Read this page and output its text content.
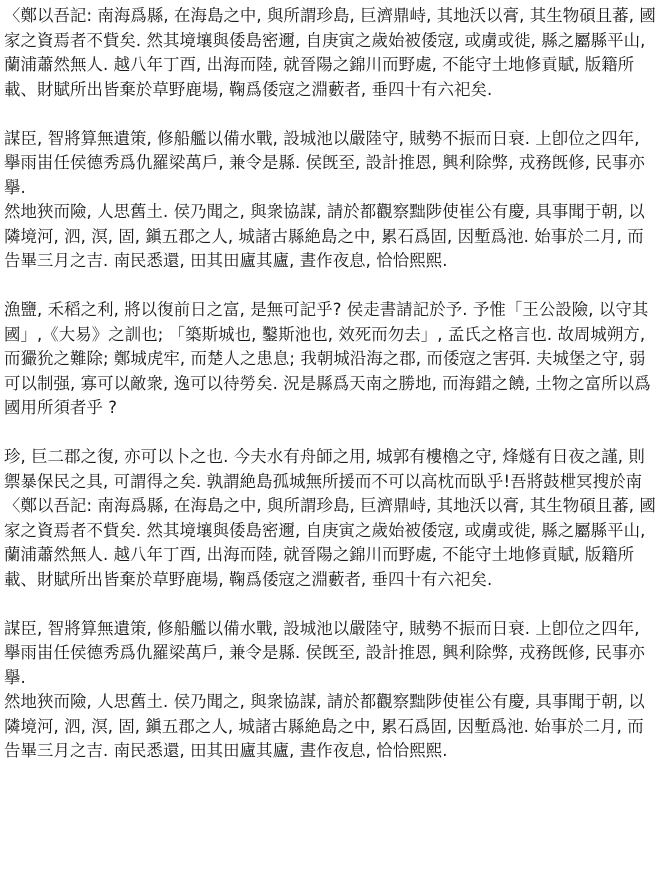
〈鄭以吾記: 南海爲縣, 在海島之中, 與所謂珍島, 巨濟鼎峙, 其地沃以膏, 其生物碩且蕃, 國家之資焉者不貲矣. 然其境壤與倭島密邇, 自庚寅之歲始被倭寇, 或虜或徙, 縣之屬縣平山, 蘭浦蕭然無人. 越八年丁酉, 出海而陸, 就晉陽之錦川而野處, 不能守土地修貢賦, 版籍所載、財賦所出皆棄於草野鹿場, 鞠爲倭寇之淵藪者, 垂四十有六祀矣.

謀臣, 智將算無遺策, 修船艦以備水戰, 設城池以嚴陸守, 賊勢不振而日衰. 上卽位之四年, 擧雨峀任侯德秀爲仇羅梁萬戶, 兼令是縣. 侯旣至, 設計推恩, 興利除弊, 戎務旣修, 民事亦擧.

然地狹而險, 人思舊土. 侯乃聞之, 與衆協謀, 請於都觀察黜陟使崔公有慶, 具事聞于朝, 以隣境河, 泗, 溟, 固, 鎭五郡之人, 城諸古縣絶島之中, 累石爲固, 因塹爲池. 始事於二月, 而告畢三月之吉. 南民悉還, 田其田廬其廬, 晝作夜息, 恰恰熙熙.

漁鹽, 禾稻之利, 將以復前日之富, 是無可記乎? 侯走書請記於予. 予惟「王公設險, 以守其國」,《大易》之訓也; 「築斯城也, 鑿斯池也, 效死而勿去」, 孟氏之格言也. 故周城朔方, 而玁狁之難除; 鄭城虎牢, 而楚人之患息; 我朝城沿海之郡, 而倭寇之害弭. 夫城堡之守, 弱可以制强, 寡可以敵衆, 逸可以待勞矣. 況是縣爲天南之勝地, 而海錯之饒, 土物之富所以爲國用所須者乎 ?

珍, 巨二郡之復, 亦可以卜之也. 今夫水有舟師之用, 城郭有樓櫓之守, 烽燧有日夜之謹, 則禦暴保民之具, 可謂得之矣. 孰謂絶島孤城無所援而不可以高枕而臥乎!吾將鼓枻冥搜於南〈鄭以吾記: 南海爲縣, 在海島之中, 與所謂珍島, 巨濟鼎峙, 其地沃以膏, 其生物碩且蕃, 國家之資焉者不貲矣. 然其境壤與倭島密邇, 自庚寅之歲始被倭寇, 或虜或徙, 縣之屬縣平山, 蘭浦蕭然無人. 越八年丁酉, 出海而陸, 就晉陽之錦川而野處, 不能守土地修貢賦, 版籍所載、財賦所出皆棄於草野鹿場, 鞠爲倭寇之淵藪者, 垂四十有六祀矣.

謀臣, 智將算無遺策, 修船艦以備水戰, 設城池以嚴陸守, 賊勢不振而日衰. 上卽位之四年, 擧雨峀任侯德秀爲仇羅梁萬戶, 兼令是縣. 侯旣至, 設計推恩, 興利除弊, 戎務旣修, 民事亦擧.

然地狹而險, 人思舊土. 侯乃聞之, 與衆協謀, 請於都觀察黜陟使崔公有慶, 具事聞于朝, 以隣境河, 泗, 溟, 固, 鎭五郡之人, 城諸古縣絶島之中, 累石爲固, 因塹爲池. 始事於二月, 而告畢三月之吉. 南民悉還, 田其田廬其廬, 晝作夜息, 恰恰熙熙.
